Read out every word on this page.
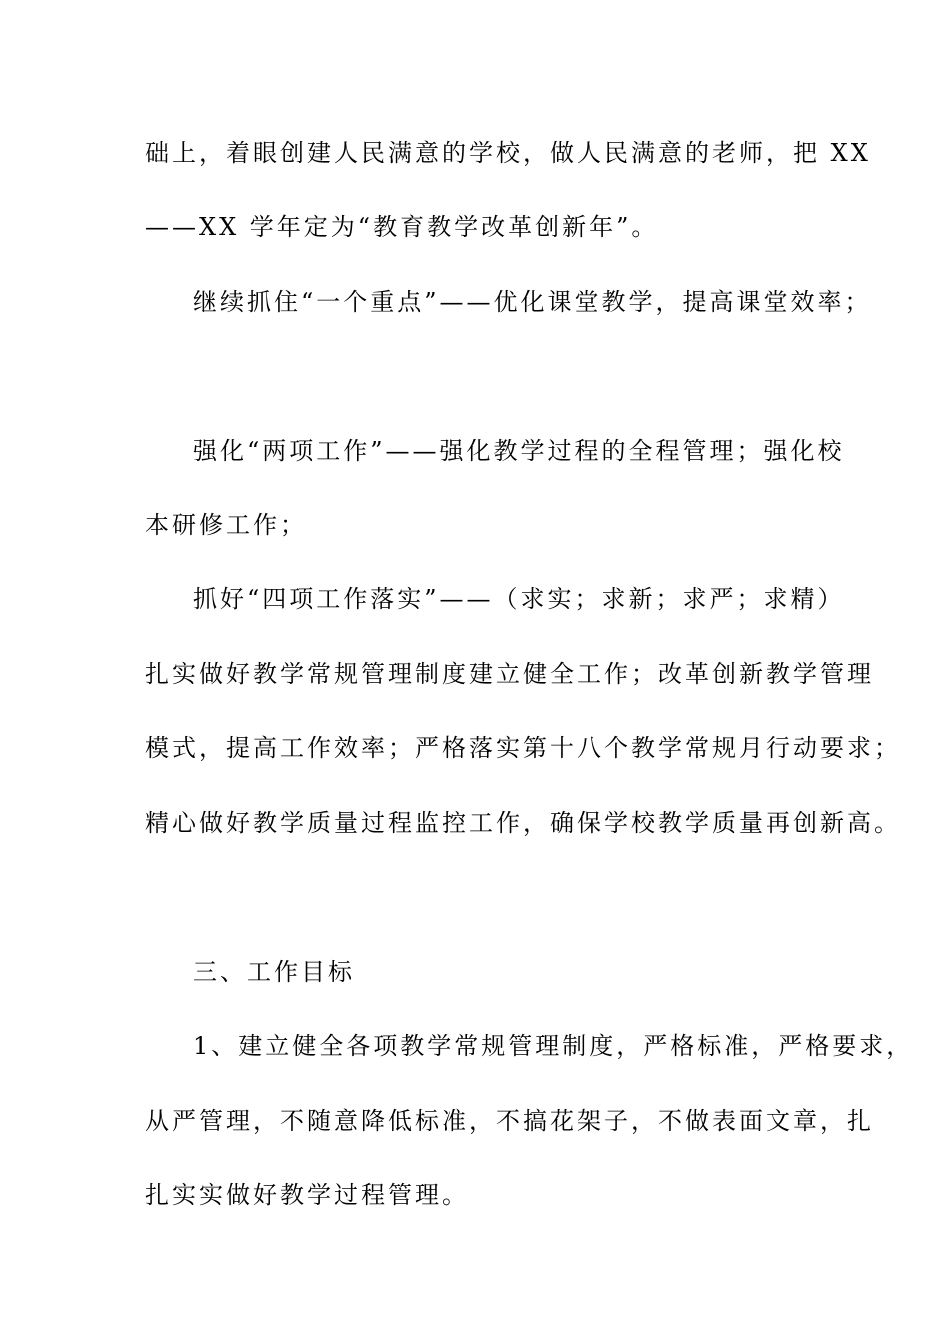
础上，着眼创建人民满意的学校，做人民满意的老师，把 XX
——XX 学年定为“教育教学改革创新年”。
继续抓住“一个重点”——优化课堂教学，提高课堂效率；
强化“两项工作”——强化教学过程的全程管理；强化校
本研修工作；
抓好“四项工作落实”——（求实；求新；求严；求精）
扎实做好教学常规管理制度建立健全工作；改革创新教学管理
模式，提高工作效率；严格落实第十八个教学常规月行动要求；
精心做好教学质量过程监控工作，确保学校教学质量再创新高。
三、工作目标
1、建立健全各项教学常规管理制度，严格标准，严格要求，
从严管理，不随意降低标准，不搞花架子，不做表面文章，扎
扎实实做好教学过程管理。
